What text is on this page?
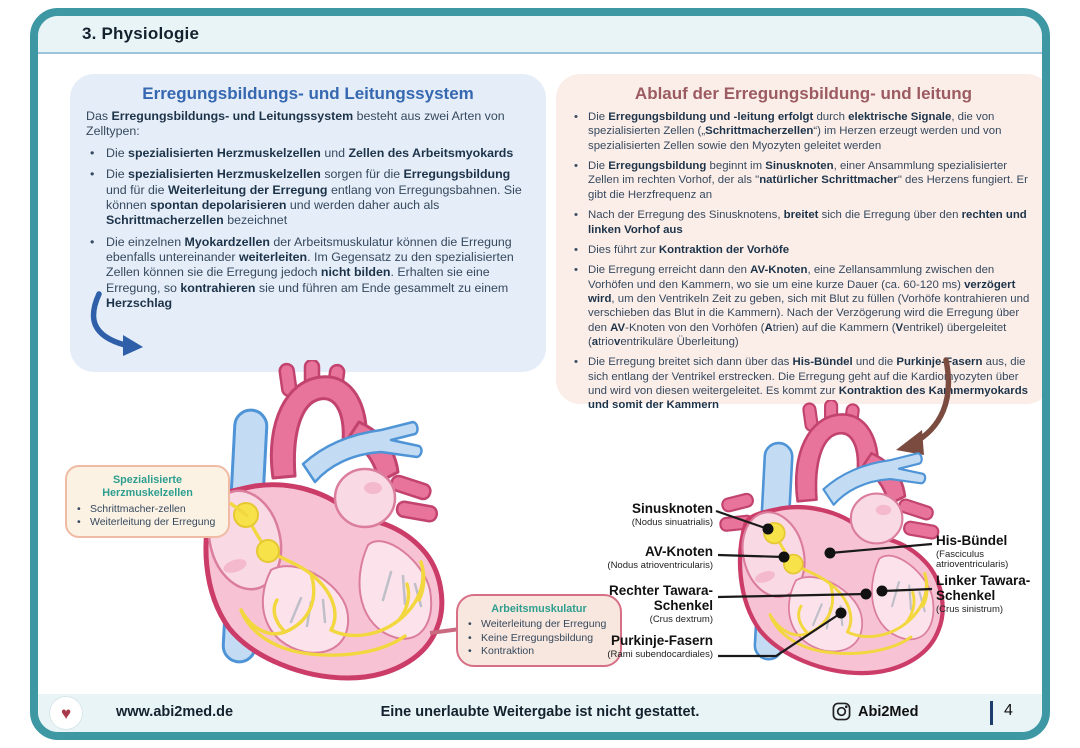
3. Physiologie
Erregungsbildungs- und Leitungssystem
Das Erregungsbildungs- und Leitungssystem besteht aus zwei Arten von Zelltypen:
• Die spezialisierten Herzmuskelzellen und Zellen des Arbeitsmyokards
• Die spezialisierten Herzmuskelzellen sorgen für die Erregungsbildung und für die Weiterleitung der Erregung entlang von Erregungsbahnen. Sie können spontan depolarisieren und werden daher auch als Schrittmacherzellen bezeichnet
• Die einzelnen Myokardzellen der Arbeitsmuskulatur können die Erregung ebenfalls untereinander weiterleiten. Im Gegensatz zu den spezialisierten Zellen können sie die Erregung jedoch nicht bilden. Erhalten sie eine Erregung, so kontrahieren sie und führen am Ende gesammelt zu einem Herzschlag
Ablauf der Erregungsbildung- und leitung
• Die Erregungsbildung und -leitung erfolgt durch elektrische Signale, die von spezialisierten Zellen („Schrittmacherzellen“) im Herzen erzeugt werden und von spezialisierten Zellen sowie den Myozyten geleitet werden
• Die Erregungsbildung beginnt im Sinusknoten, einer Ansammlung spezialisierter Zellen im rechten Vorhof, der als "natürlicher Schrittmacher" des Herzens fungiert. Er gibt die Herzfrequenz an
• Nach der Erregung des Sinusknotens, breitet sich die Erregung über den rechten und linken Vorhof aus
• Dies führt zur Kontraktion der Vorhöfe
• Die Erregung erreicht dann den AV-Knoten, eine Zellansammlung zwischen den Vorhöfen und den Kammern, wo sie um eine kurze Dauer (ca. 60-120 ms) verzögert wird, um den Ventrikeln Zeit zu geben, sich mit Blut zu füllen (Vorhöfe kontrahieren und verschieben das Blut in die Kammern). Nach der Verzögerung wird die Erregung über den AV-Knoten von den Vorhöfen (Atrien) auf die Kammern (Ventrikel) übergeleitet (atrioventrikuläre Überleitung)
• Die Erregung breitet sich dann über das His-Bündel und die Purkinje-Fasern aus, die sich entlang der Ventrikel erstrecken. Die Erregung geht auf die Kardiomyozyten über und wird von diesen weitergeleitet. Es kommt zur Kontraktion des Kammermyokards und somit der Kammern
Spezialisierte Herzmuskelzellen
• Schrittmacher-zellen
• Weiterleitung der Erregung
Arbeitsmuskulatur
• Weiterleitung der Erregung
• Keine Erregungsbildung
• Kontraktion
Sinusknoten
(Nodus sinuatrialis)
AV-Knoten
(Nodus atrioventricularis)
Rechter Tawara-Schenkel
(Crus dextrum)
Purkinje-Fasern
(Rami subendocardiales)
His-Bündel
(Fasciculus atrioventricularis)
Linker Tawara-Schenkel
(Crus sinistrum)
♥	www.abi2med.de	Eine unerlaubte Weitergabe ist nicht gestattet.	Abi2Med	4
